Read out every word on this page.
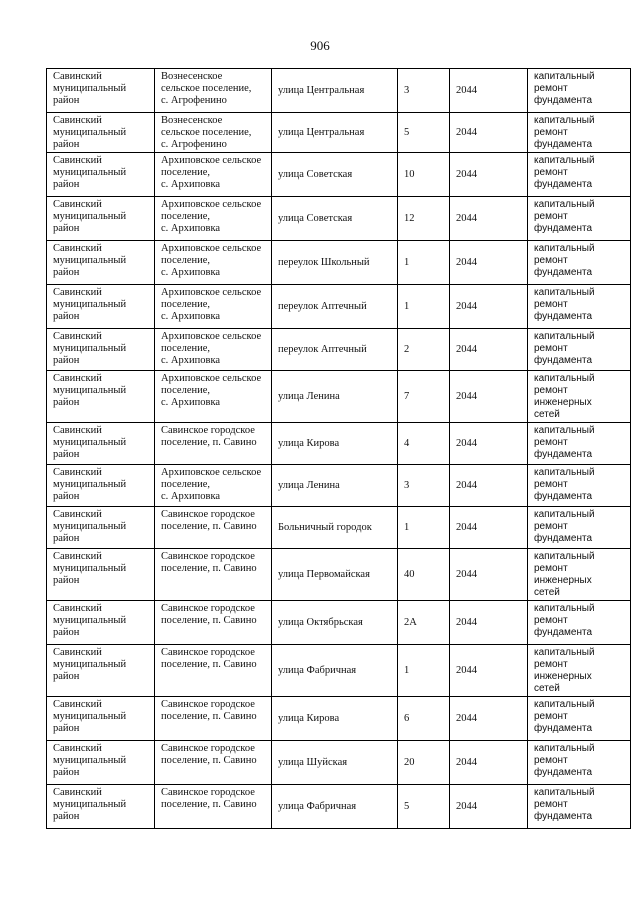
906
Савинский
муниципальный
район	Вознесенское
сельское поселение,
с. Агрофенино	улица Центральная	3	2044	капитальный
ремонт
фундамента
Савинский
муниципальный
район	Вознесенское
сельское поселение,
с. Агрофенино	улица Центральная	5	2044	капитальный
ремонт
фундамента
Савинский
муниципальный
район	Архиповское сельское
поселение,
с. Архиповка	улица Советская	10	2044	капитальный
ремонт
фундамента
Савинский
муниципальный
район	Архиповское сельское
поселение,
с. Архиповка	улица Советская	12	2044	капитальный
ремонт
фундамента
Савинский
муниципальный
район	Архиповское сельское
поселение,
с. Архиповка	переулок Школьный	1	2044	капитальный
ремонт
фундамента
Савинский
муниципальный
район	Архиповское сельское
поселение,
с. Архиповка	переулок Аптечный	1	2044	капитальный
ремонт
фундамента
Савинский
муниципальный
район	Архиповское сельское
поселение,
с. Архиповка	переулок Аптечный	2	2044	капитальный
ремонт
фундамента
Савинский
муниципальный
район	Архиповское сельское
поселение,
с. Архиповка	улица Ленина	7	2044	капитальный
ремонт
инженерных
сетей
Савинский
муниципальный
район	Савинское городское
поселение, п. Савино	улица Кирова	4	2044	капитальный
ремонт
фундамента
Савинский
муниципальный
район	Архиповское сельское
поселение,
с. Архиповка	улица Ленина	3	2044	капитальный
ремонт
фундамента
Савинский
муниципальный
район	Савинское городское
поселение, п. Савино	Больничный городок	1	2044	капитальный
ремонт
фундамента
Савинский
муниципальный
район	Савинское городское
поселение, п. Савино	улица Первомайская	40	2044	капитальный
ремонт
инженерных
сетей
Савинский
муниципальный
район	Савинское городское
поселение, п. Савино	улица Октябрьская	2А	2044	капитальный
ремонт
фундамента
Савинский
муниципальный
район	Савинское городское
поселение, п. Савино	улица Фабричная	1	2044	капитальный
ремонт
инженерных
сетей
Савинский
муниципальный
район	Савинское городское
поселение, п. Савино	улица Кирова	6	2044	капитальный
ремонт
фундамента
Савинский
муниципальный
район	Савинское городское
поселение, п. Савино	улица Шуйская	20	2044	капитальный
ремонт
фундамента
Савинский
муниципальный
район	Савинское городское
поселение, п. Савино	улица Фабричная	5	2044	капитальный
ремонт
фундамента
